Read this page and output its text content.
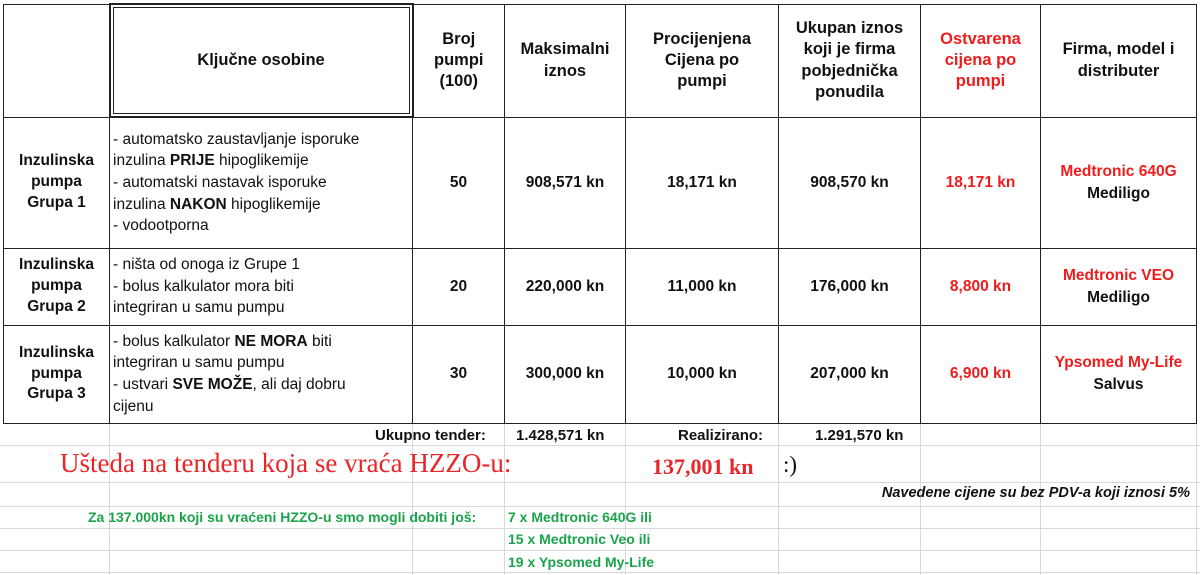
	Ključne osobine	Broj
pumpi
(100)	Maksimalni
iznos	Procijenjena
Cijena po
pumpi	Ukupan iznos
koji je firma
pobjednička
ponudila	Ostvarena
cijena po
pumpi	Firma, model i
distributer
Inzulinska
pumpa
Grupa 1	- automatsko zaustavljanje isporuke
inzulina PRIJE hipoglikemije
- automatski nastavak isporuke
inzulina NAKON hipoglikemije
- vodootporna	50	908,571 kn	18,171 kn	908,570 kn	18,171 kn	Medtronic 640G
Mediligo
Inzulinska
pumpa
Grupa 2	- ništa od onoga iz Grupe 1
- bolus kalkulator mora biti
integriran u samu pumpu	20	220,000 kn	11,000 kn	176,000 kn	8,800 kn	Medtronic VEO
Mediligo
Inzulinska
pumpa
Grupa 3	- bolus kalkulator NE MORA biti
integriran u samu pumpu
- ustvari SVE MOŽE, ali daj dobru
cijenu	30	300,000 kn	10,000 kn	207,000 kn	6,900 kn	Ypsomed My-Life
Salvus
Ukupno tender: 1.428,571 kn	Realizirano:	1.291,570 kn
Ušteda na tenderu koja se vraća HZZO-u:	137,001 kn :)
Navedene cijene su bez PDV-a koji iznosi 5%
Za 137.000kn koji su vraćeni HZZO-u smo mogli dobiti još: 7 x Medtronic 640G ili
15 x Medtronic Veo ili
19 x Ypsomed My-Life
